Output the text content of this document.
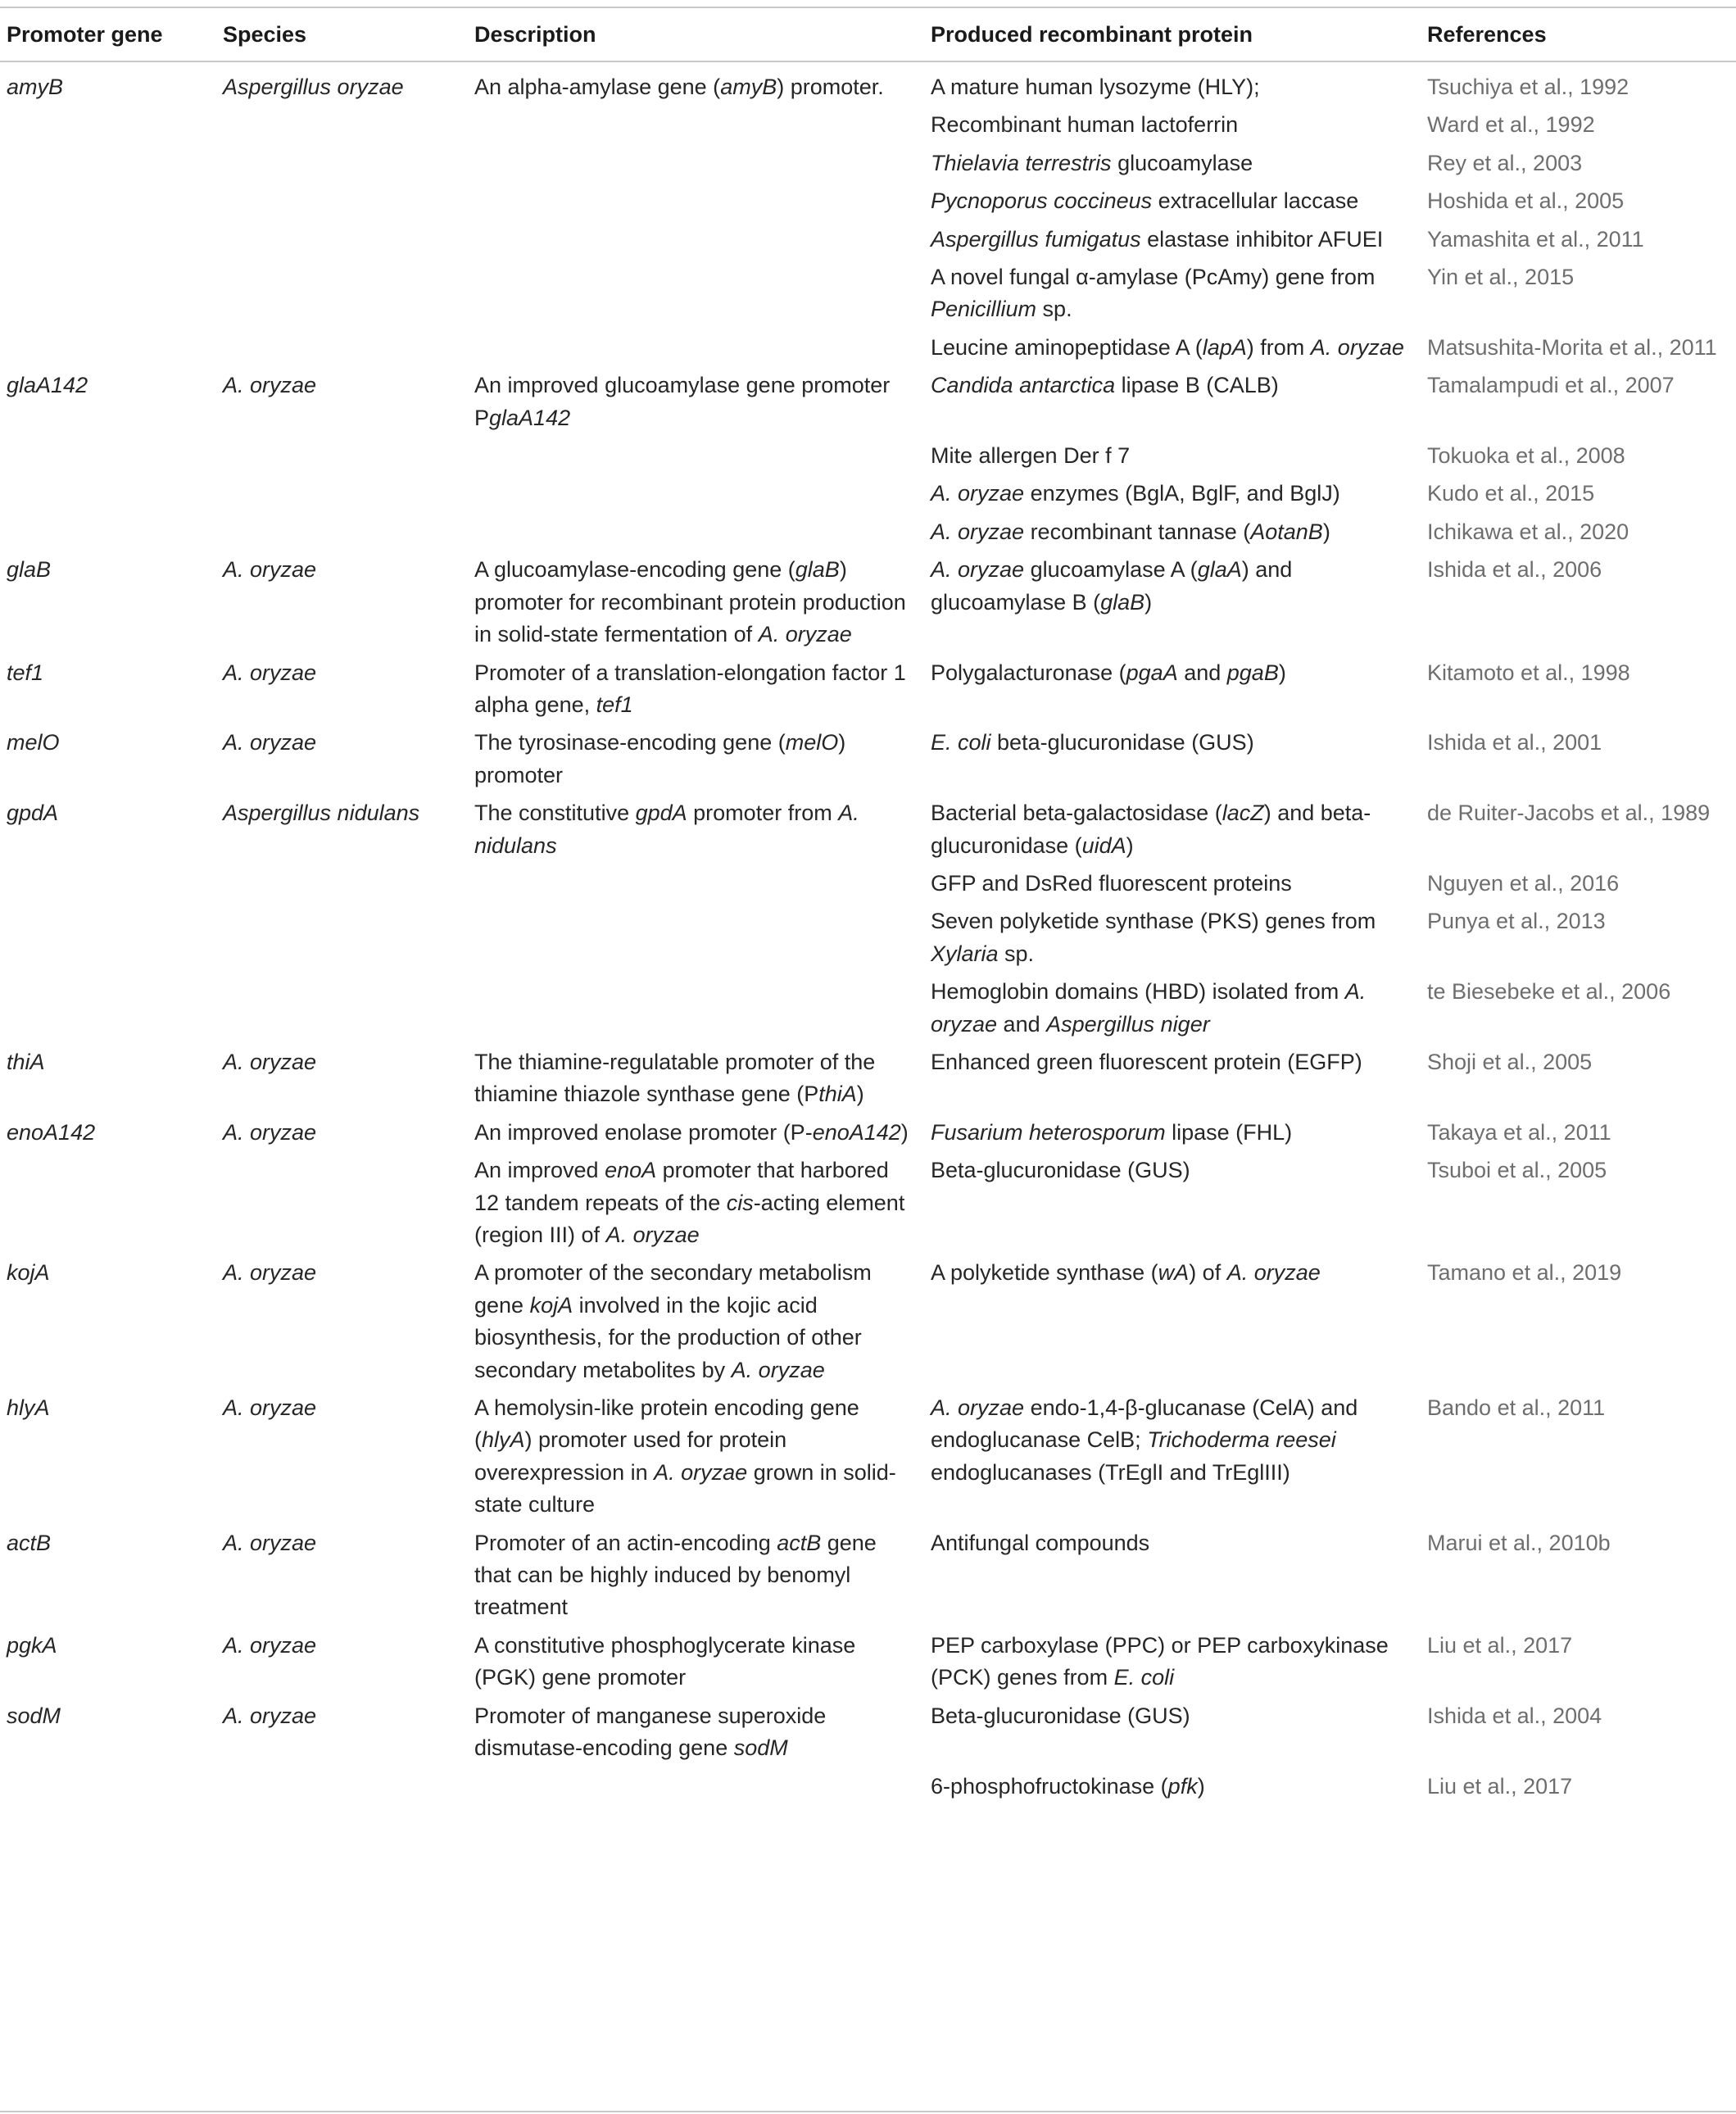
Promoter gene	Species	Description	Produced recombinant protein	References
amyB	Aspergillus oryzae	An alpha-amylase gene (amyB) promoter.	A mature human lysozyme (HLY);	Tsuchiya et al., 1992
			Recombinant human lactoferrin	Ward et al., 1992
			Thielavia terrestris glucoamylase	Rey et al., 2003
			Pycnoporus coccineus extracellular laccase	Hoshida et al., 2005
			Aspergillus fumigatus elastase inhibitor AFUEI	Yamashita et al., 2011
			A novel fungal α-amylase (PcAmy) gene from Penicillium sp.	Yin et al., 2015
			Leucine aminopeptidase A (lapA) from A. oryzae	Matsushita-Morita et al., 2011
glaA142	A. oryzae	An improved glucoamylase gene promoter PglaA142	Candida antarctica lipase B (CALB)	Tamalampudi et al., 2007
			Mite allergen Der f 7	Tokuoka et al., 2008
			A. oryzae enzymes (BglA, BglF, and BglJ)	Kudo et al., 2015
			A. oryzae recombinant tannase (AotanB)	Ichikawa et al., 2020
glaB	A. oryzae	A glucoamylase-encoding gene (glaB) promoter for recombinant protein production in solid-state fermentation of A. oryzae	A. oryzae glucoamylase A (glaA) and glucoamylase B (glaB)	Ishida et al., 2006
tef1	A. oryzae	Promoter of a translation-elongation factor 1 alpha gene, tef1	Polygalacturonase (pgaA and pgaB)	Kitamoto et al., 1998
melO	A. oryzae	The tyrosinase-encoding gene (melO) promoter	E. coli beta-glucuronidase (GUS)	Ishida et al., 2001
gpdA	Aspergillus nidulans	The constitutive gpdA promoter from A. nidulans	Bacterial beta-galactosidase (lacZ) and beta-glucuronidase (uidA)	de Ruiter-Jacobs et al., 1989
			GFP and DsRed fluorescent proteins	Nguyen et al., 2016
			Seven polyketide synthase (PKS) genes from Xylaria sp.	Punya et al., 2013
			Hemoglobin domains (HBD) isolated from A. oryzae and Aspergillus niger	te Biesebeke et al., 2006
thiA	A. oryzae	The thiamine-regulatable promoter of the thiamine thiazole synthase gene (PthiA)	Enhanced green fluorescent protein (EGFP)	Shoji et al., 2005
enoA142	A. oryzae	An improved enolase promoter (P-enoA142)	Fusarium heterosporum lipase (FHL)	Takaya et al., 2011
		An improved enoA promoter that harbored 12 tandem repeats of the cis-acting element (region III) of A. oryzae	Beta-glucuronidase (GUS)	Tsuboi et al., 2005
kojA	A. oryzae	A promoter of the secondary metabolism gene kojA involved in the kojic acid biosynthesis, for the production of other secondary metabolites by A. oryzae	A polyketide synthase (wA) of A. oryzae	Tamano et al., 2019
hlyA	A. oryzae	A hemolysin-like protein encoding gene (hlyA) promoter used for protein overexpression in A. oryzae grown in solid-state culture	A. oryzae endo-1,4-β-glucanase (CelA) and endoglucanase CelB; Trichoderma reesei endoglucanases (TrEglI and TrEglIII)	Bando et al., 2011
actB	A. oryzae	Promoter of an actin-encoding actB gene that can be highly induced by benomyl treatment	Antifungal compounds	Marui et al., 2010b
pgkA	A. oryzae	A constitutive phosphoglycerate kinase (PGK) gene promoter	PEP carboxylase (PPC) or PEP carboxykinase (PCK) genes from E. coli	Liu et al., 2017
sodM	A. oryzae	Promoter of manganese superoxide dismutase-encoding gene sodM	Beta-glucuronidase (GUS)	Ishida et al., 2004
			6-phosphofructokinase (pfk)	Liu et al., 2017
